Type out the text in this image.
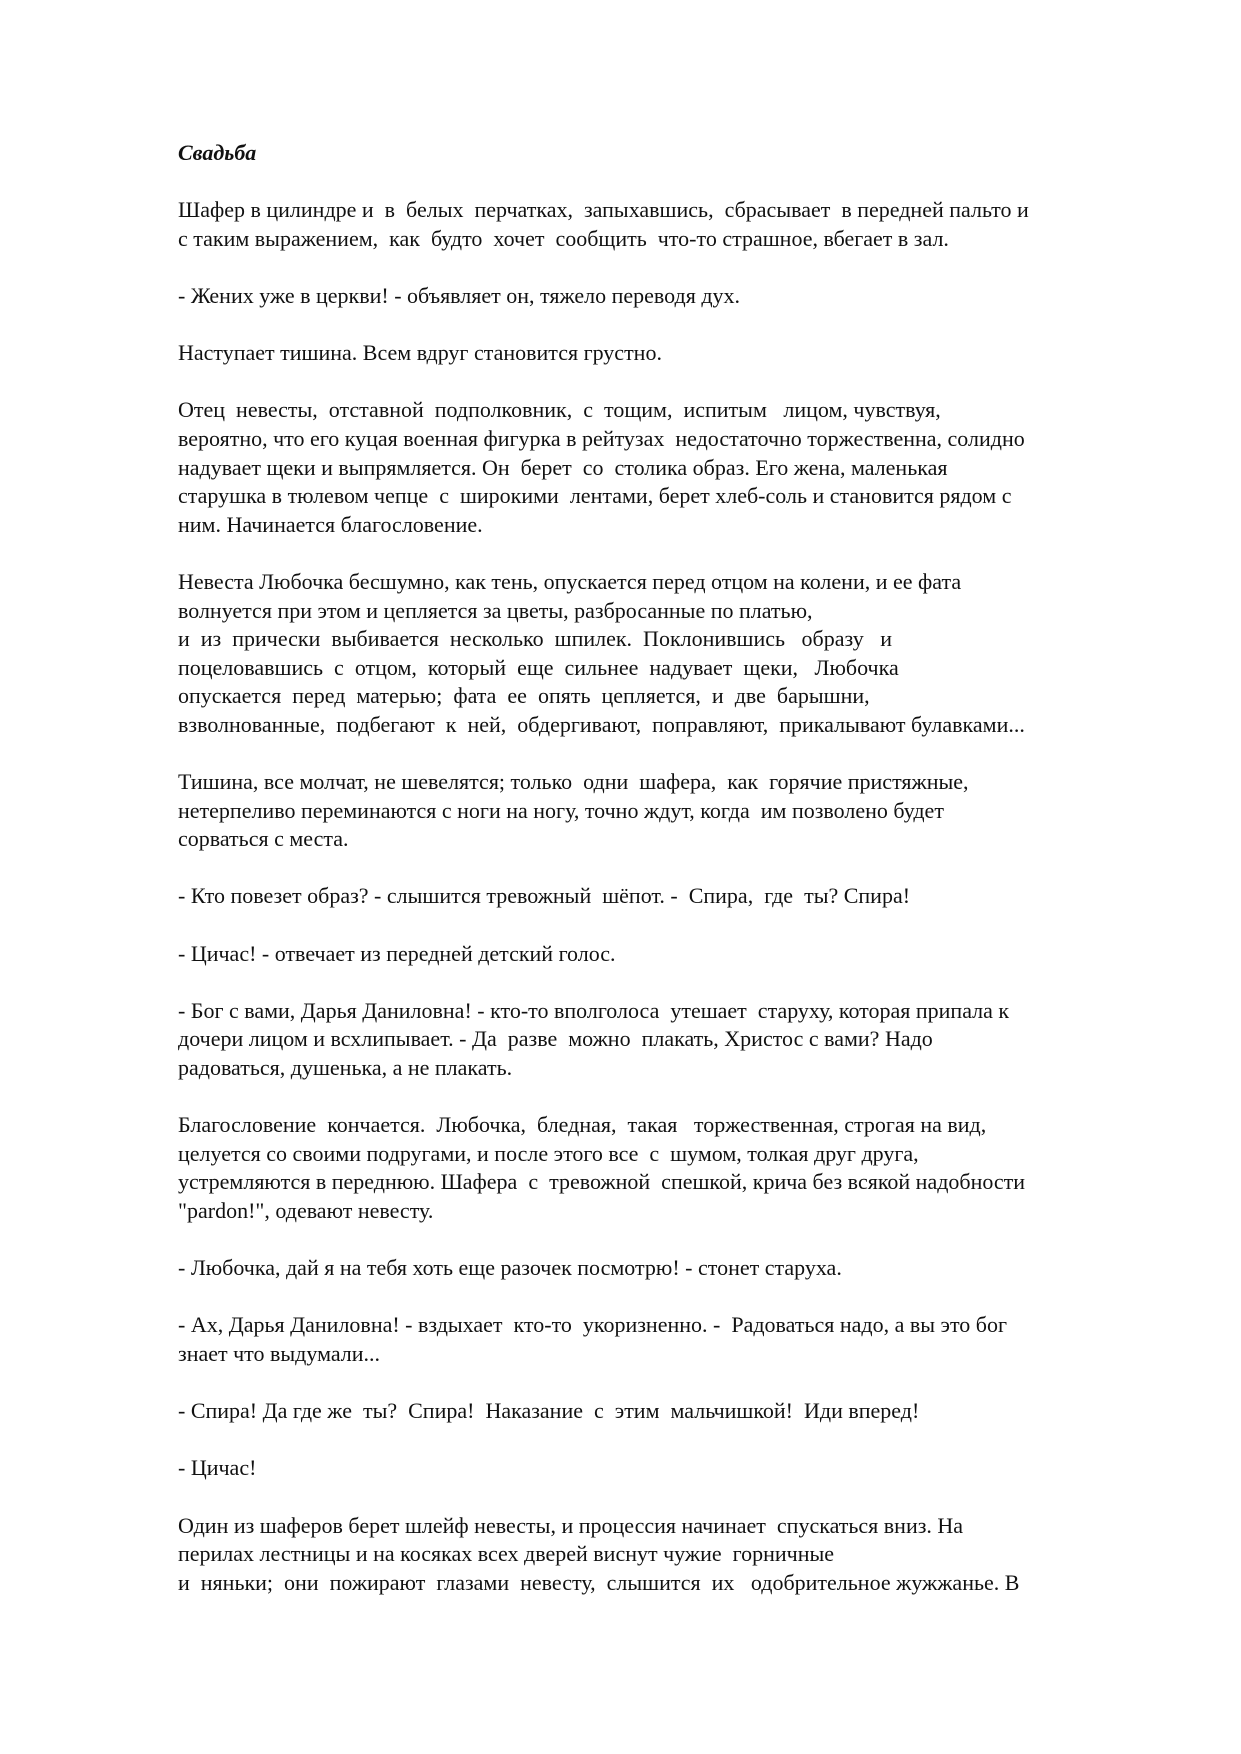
Свадьба
Шафер в цилиндре и  в  белых  перчатках,  запыхавшись,  сбрасывает  в передней пальто и
с таким выражением,  как  будто  хочет  сообщить  что-то страшное, вбегает в зал.
- Жених уже в церкви! - объявляет он, тяжело переводя дух.
Наступает тишина. Всем вдруг становится грустно.
Отец  невесты,  отставной  подполковник,  с  тощим,  испитым   лицом, чувствуя,
вероятно, что его куцая военная фигурка в рейтузах  недостаточно торжественна, солидно
надувает щеки и выпрямляется. Он  берет  со  столика образ. Его жена, маленькая
старушка в тюлевом чепце  с  широкими  лентами, берет хлеб-соль и становится рядом с
ним. Начинается благословение.
Невеста Любочка бесшумно, как тень, опускается перед отцом на колени, и ее фата
волнуется при этом и цепляется за цветы, разбросанные по платью,
и  из  прически  выбивается  несколько  шпилек.  Поклонившись   образу   и
поцеловавшись  с  отцом,  который  еще  сильнее  надувает  щеки,   Любочка
опускается  перед  матерью;  фата  ее  опять  цепляется,  и  две  барышни,
взволнованные,  подбегают  к  ней,  обдергивают,  поправляют,  прикалывают булавками...
Тишина, все молчат, не шевелятся; только  одни  шафера,  как  горячие пристяжные,
нетерпеливо переминаются с ноги на ногу, точно ждут, когда  им позволено будет
сорваться с места.
- Кто повезет образ? - слышится тревожный  шёпот. -  Спира,  где  ты? Спира!
- Цичас! - отвечает из передней детский голос.
- Бог с вами, Дарья Даниловна! - кто-то вполголоса  утешает  старуху, которая припала к
дочери лицом и всхлипывает. - Да  разве  можно  плакать, Христос с вами? Надо
радоваться, душенька, а не плакать.
Благословение  кончается.  Любочка,  бледная,  такая   торжественная, строгая на вид,
целуется со своими подругами, и после этого все  с  шумом, толкая друг друга,
устремляются в переднюю. Шафера  с  тревожной  спешкой, крича без всякой надобности
"pardon!", одевают невесту.
- Любочка, дай я на тебя хоть еще разочек посмотрю! - стонет старуха.
- Ах, Дарья Даниловна! - вздыхает  кто-то  укоризненно. -  Радоваться надо, а вы это бог
знает что выдумали...
- Спира! Да где же  ты?  Спира!  Наказание  с  этим  мальчишкой!  Иди вперед!
- Цичас!
Один из шаферов берет шлейф невесты, и процессия начинает  спускаться вниз. На
перилах лестницы и на косяках всех дверей виснут чужие  горничные
и  няньки;  они  пожирают  глазами  невесту,  слышится  их   одобрительное жужжанье. В
